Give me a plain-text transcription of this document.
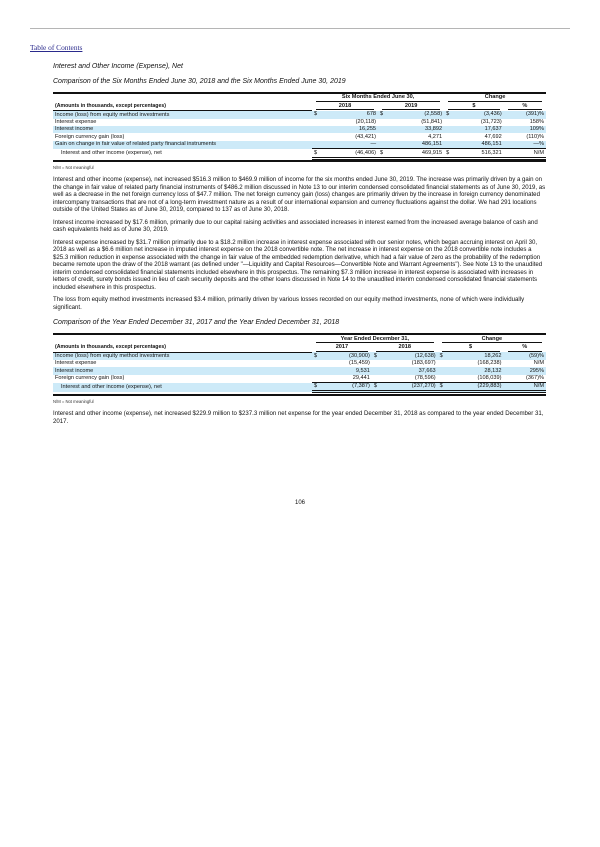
Table of Contents

Interest and Other Income (Expense), Net

Comparison of the Six Months Ended June 30, 2018 and the Six Months Ended June 30, 2019

	Six Months Ended June 30,				Change		

(Amounts in thousands, except percentages)	2018		2019		$		%

Income (loss) from equity method investments	$	678	$	(2,558)	$	(3,436)	(391)%
Interest expense		(20,118)		(51,841)		(31,723)	158%
Interest income		16,255		33,892		17,637	109%
Foreign currency gain (loss)		(43,421)		4,271		47,692	(110)%
Gain on change in fair value of related party financial instruments		—		486,151		486,151	—%
Interest and other income (expense), net	$	(46,406)	$	469,915	$	516,321	N/M

N/M = Not meaningful

Interest and other income (expense), net increased $516.3 million to $469.9 million of income for the six months ended June 30, 2019. The increase was primarily driven by a gain on the change in fair value of related party financial instruments of $486.2 million discussed in Note 13 to our interim condensed consolidated financial statements as of June 30, 2019, as well as a decrease in the net foreign currency loss of $47.7 million. The net foreign currency gain (loss) changes are primarily driven by the increase in foreign currency denominated intercompany transactions that are not of a long-term investment nature as a result of our international expansion and currency fluctuations against the dollar. We had 291 locations outside of the United States as of June 30, 2019, compared to 137 as of June 30, 2018.

Interest income increased by $17.6 million, primarily due to our capital raising activities and associated increases in interest earned from the increased average balance of cash and cash equivalents held as of June 30, 2019.

Interest expense increased by $31.7 million primarily due to a $18.2 million increase in interest expense associated with our senior notes, which began accruing interest on April 30, 2018 as well as a $6.6 million net increase in imputed interest expense on the 2018 convertible note. The net increase in interest expense on the 2018 convertible note includes a $25.3 million reduction in expense associated with the change in fair value of the embedded redemption derivative, which had a fair value of zero as the probability of the redemption became remote upon the draw of the 2018 warrant (as defined under "—Liquidity and Capital Resources—Convertible Note and Warrant Agreements"). See Note 13 to the unaudited interim condensed consolidated financial statements included elsewhere in this prospectus. The remaining $7.3 million increase in interest expense is associated with increases in letters of credit, surety bonds issued in lieu of cash security deposits and the other loans discussed in Note 14 to the unaudited interim condensed consolidated financial statements included elsewhere in this prospectus.

The loss from equity method investments increased $3.4 million, primarily driven by various losses recorded on our equity method investments, none of which were individually significant.

Comparison of the Year Ended December 31, 2017 and the Year Ended December 31, 2018

	Year Ended December 31,				Change		

(Amounts in thousands, except percentages)	2017		2018		$		%

Income (loss) from equity method investments	$	(30,900)	$	(12,638)	$	18,262	(59)%
Interest expense		(15,459)		(183,697)		(168,238)	N/M
Interest income		9,531		37,663		28,132	295%
Foreign currency gain (loss)		29,441		(78,596)		(108,039)	(367)%
Interest and other income (expense), net	$	(7,387)	$	(237,270)	$	(229,883)	N/M

N/M = Not meaningful

Interest and other income (expense), net increased $229.9 million to $237.3 million net expense for the year ended December 31, 2018 as compared to the year ended December 31, 2017.

106
